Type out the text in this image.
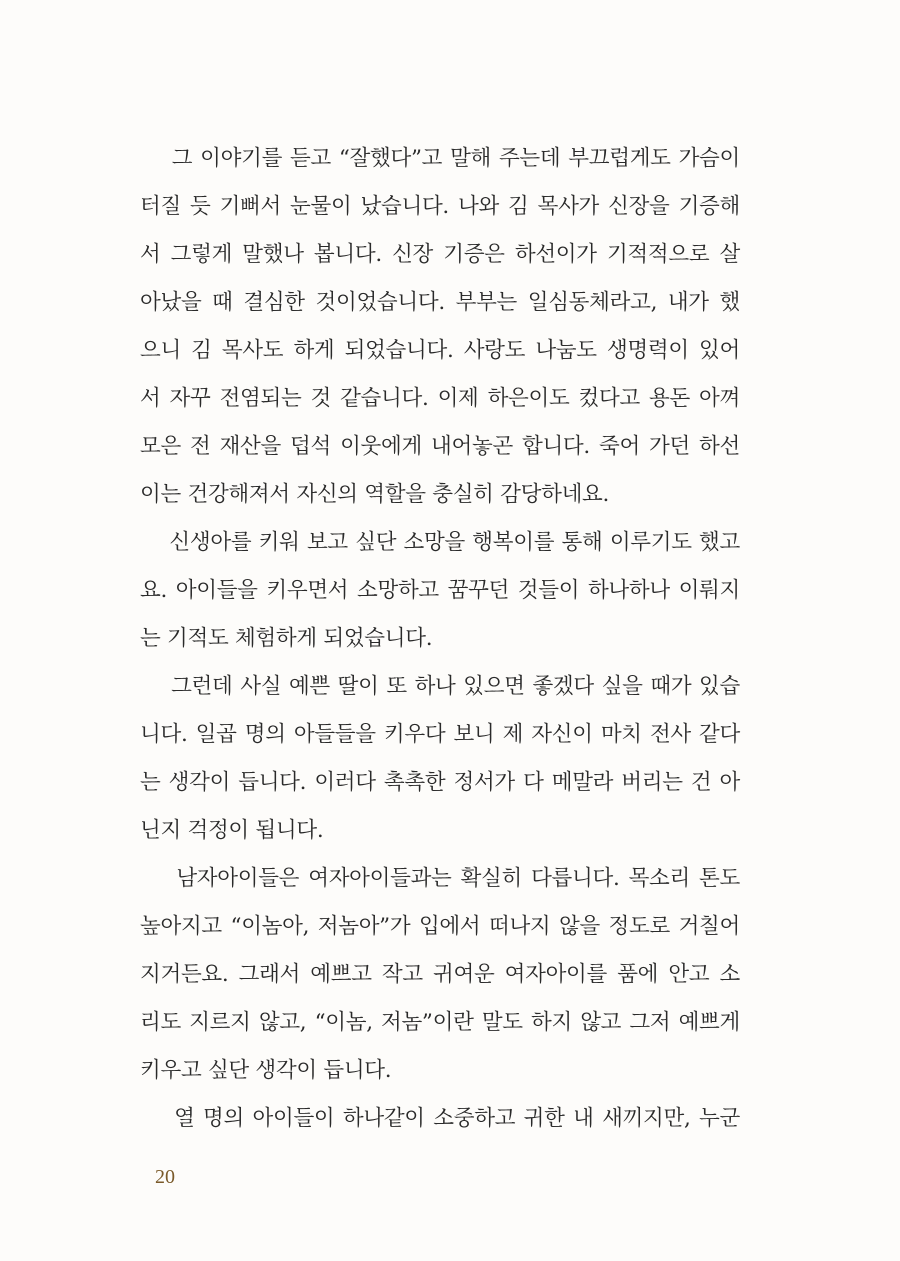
그 이야기를 듣고 “잘했다”고 말해 주는데 부끄럽게도 가슴이
터질 듯 기뻐서 눈물이 났습니다. 나와 김 목사가 신장을 기증해
서 그렇게 말했나 봅니다. 신장 기증은 하선이가 기적적으로 살
아났을 때 결심한 것이었습니다. 부부는 일심동체라고, 내가 했
으니 김 목사도 하게 되었습니다. 사랑도 나눔도 생명력이 있어
서 자꾸 전염되는 것 같습니다. 이제 하은이도 컸다고 용돈 아껴
모은 전 재산을 덥석 이웃에게 내어놓곤 합니다. 죽어 가던 하선
이는 건강해져서 자신의 역할을 충실히 감당하네요.
신생아를 키워 보고 싶단 소망을 행복이를 통해 이루기도 했고
요. 아이들을 키우면서 소망하고 꿈꾸던 것들이 하나하나 이뤄지
는 기적도 체험하게 되었습니다.
그런데 사실 예쁜 딸이 또 하나 있으면 좋겠다 싶을 때가 있습
니다. 일곱 명의 아들들을 키우다 보니 제 자신이 마치 전사 같다
는 생각이 듭니다. 이러다 촉촉한 정서가 다 메말라 버리는 건 아
닌지 걱정이 됩니다.
남자아이들은 여자아이들과는 확실히 다릅니다. 목소리 톤도
높아지고 “이놈아, 저놈아”가 입에서 떠나지 않을 정도로 거칠어
지거든요. 그래서 예쁘고 작고 귀여운 여자아이를 품에 안고 소
리도 지르지 않고, “이놈, 저놈”이란 말도 하지 않고 그저 예쁘게
키우고 싶단 생각이 듭니다.
열 명의 아이들이 하나같이 소중하고 귀한 내 새끼지만, 누군
20
